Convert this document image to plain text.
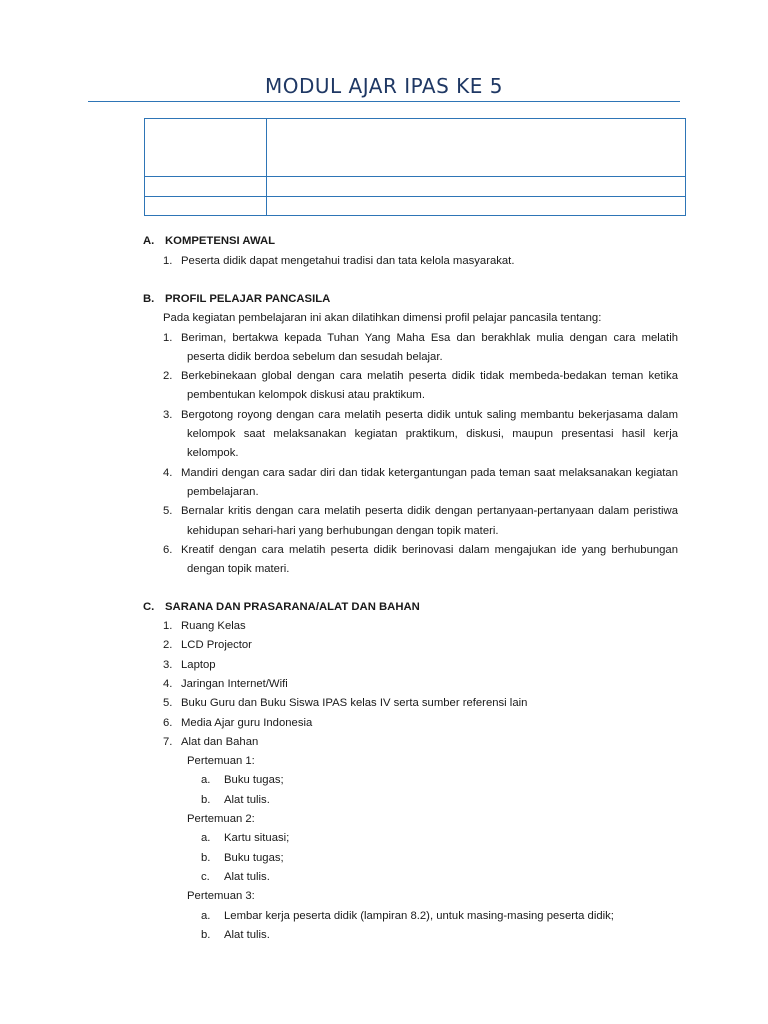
MODUL AJAR IPAS KE 5

A. KOMPETENSI AWAL
1. Peserta didik dapat mengetahui tradisi dan tata kelola masyarakat.
B. PROFIL PELAJAR PANCASILA
Pada kegiatan pembelajaran ini akan dilatihkan dimensi profil pelajar pancasila tentang:
1. Beriman, bertakwa kepada Tuhan Yang Maha Esa dan berakhlak mulia dengan cara melatih
peserta didik berdoa sebelum dan sesudah belajar.
2. Berkebinekaan global dengan cara melatih peserta didik tidak membeda-bedakan teman ketika
pembentukan kelompok diskusi atau praktikum.
3. Bergotong royong dengan cara melatih peserta didik untuk saling membantu bekerjasama dalam
kelompok saat melaksanakan kegiatan praktikum, diskusi, maupun presentasi hasil kerja
kelompok.
4. Mandiri dengan cara sadar diri dan tidak ketergantungan pada teman saat melaksanakan kegiatan
pembelajaran.
5. Bernalar kritis dengan cara melatih peserta didik dengan pertanyaan-pertanyaan dalam peristiwa
kehidupan sehari-hari yang berhubungan dengan topik materi.
6. Kreatif dengan cara melatih peserta didik berinovasi dalam mengajukan ide yang berhubungan
dengan topik materi.
C. SARANA DAN PRASARANA/ALAT DAN BAHAN
1. Ruang Kelas
2. LCD Projector
3. Laptop
4. Jaringan Internet/Wifi
5. Buku Guru dan Buku Siswa IPAS kelas IV serta sumber referensi lain
6. Media Ajar guru Indonesia
7. Alat dan Bahan
Pertemuan 1:
a. Buku tugas;
b. Alat tulis.
Pertemuan 2:
a. Kartu situasi;
b. Buku tugas;
c. Alat tulis.
Pertemuan 3:
a. Lembar kerja peserta didik (lampiran 8.2), untuk masing-masing peserta didik;
b. Alat tulis.
